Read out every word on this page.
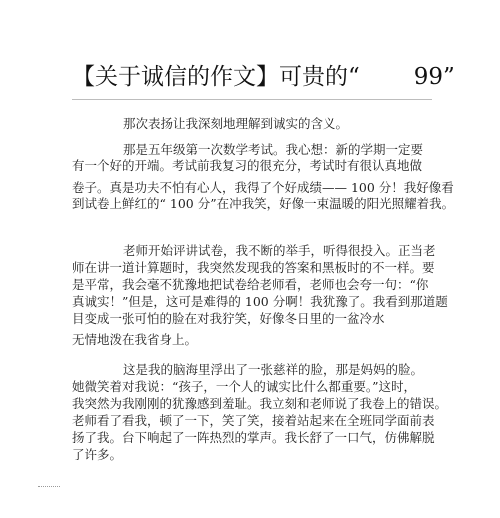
【关于诚信的作文】可贵的“ 99”
那次表扬让我深刻地理解到诚实的含义。
那是五年级第一次数学考试。我心想：新的学期一定要
有一个好的开端。考试前我复习的很充分，考试时有很认真地做
卷子。真是功夫不怕有心人，我得了个好成绩—— 100 分！我好像看
到试卷上鲜红的“ 100 分”在冲我笑，好像一束温暖的阳光照耀着我。
老师开始评讲试卷，我不断的举手，听得很投入。正当老
师在讲一道计算题时，我突然发现我的答案和黑板时的不一样。要
是平常，我会毫不犹豫地把试卷给老师看，老师也会夸一句：“你
真诚实！”但是，这可是难得的 100 分啊！我犹豫了。我看到那道题
目变成一张可怕的脸在对我狞笑，好像冬日里的一盆冷水
无情地泼在我省身上。
这是我的脑海里浮出了一张慈祥的脸，那是妈妈的脸。
她微笑着对我说：“孩子，一个人的诚实比什么都重要。”这时，
我突然为我刚刚的犹豫感到羞耻。我立刻和老师说了我卷上的错误。
老师看了看我，顿了一下，笑了笑，接着站起来在全班同学面前表
扬了我。台下响起了一阵热烈的掌声。我长舒了一口气，仿佛解脱
了许多。
